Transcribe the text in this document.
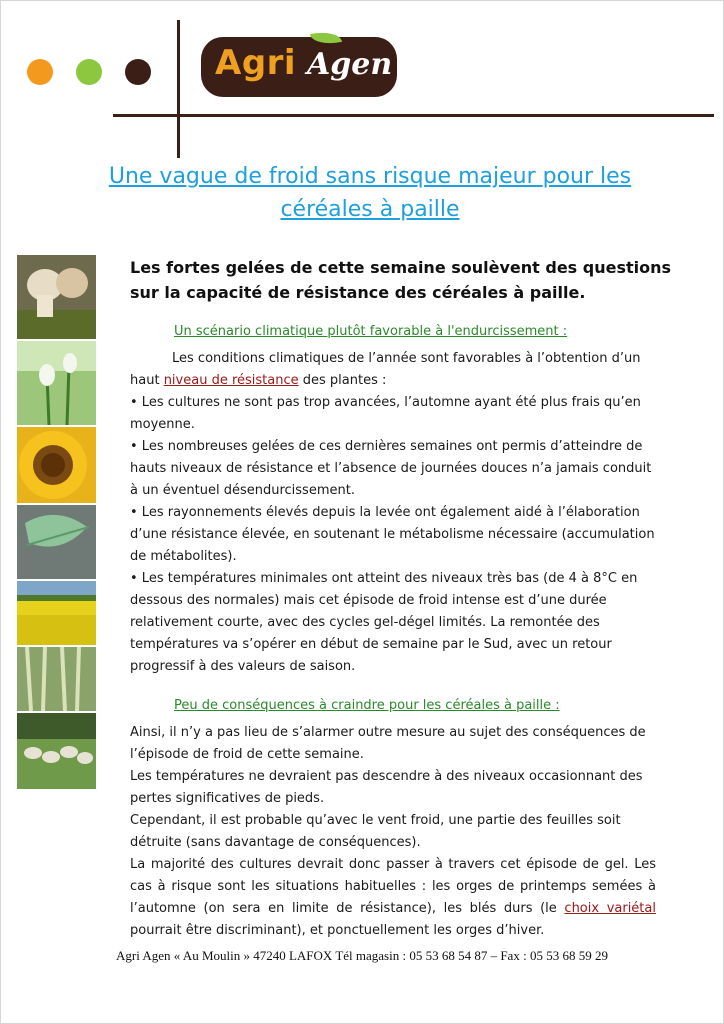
Agri Agen
Une vague de froid sans risque majeur pour les céréales à paille
Les fortes gelées de cette semaine soulèvent des questions sur la capacité de résistance des céréales à paille.
Un scénario climatique plutôt favorable à l'endurcissement :

Les conditions climatiques de l’année sont favorables à l’obtention d’un haut niveau de résistance des plantes :

• Les cultures ne sont pas trop avancées, l’automne ayant été plus frais qu’en moyenne.

• Les nombreuses gelées de ces dernières semaines ont permis d’atteindre de hauts niveaux de résistance et l’absence de journées douces n’a jamais conduit à un éventuel désendurcissement.

• Les rayonnements élevés depuis la levée ont également aidé à l’élaboration d’une résistance élevée, en soutenant le métabolisme nécessaire (accumulation de métabolites).

• Les températures minimales ont atteint des niveaux très bas (de 4 à 8°C en dessous des normales) mais cet épisode de froid intense est d’une durée relativement courte, avec des cycles gel-dégel limités. La remontée des températures va s’opérer en début de semaine par le Sud, avec un retour progressif à des valeurs de saison.

Peu de conséquences à craindre pour les céréales à paille :

Ainsi, il n’y a pas lieu de s’alarmer outre mesure au sujet des conséquences de l’épisode de froid de cette semaine.

Les températures ne devraient pas descendre à des niveaux occasionnant des pertes significatives de pieds.

Cependant, il est probable qu’avec le vent froid, une partie des feuilles soit détruite (sans davantage de conséquences).

La majorité des cultures devrait donc passer à travers cet épisode de gel. Les cas à risque sont les situations habituelles : les orges de printemps semées à l’automne (on sera en limite de résistance), les blés durs (le choix variétal pourrait être discriminant), et ponctuellement les orges d’hiver.

Agri Agen « Au Moulin » 47240 LAFOX Tél magasin : 05 53 68 54 87 – Fax : 05 53 68 59 29
